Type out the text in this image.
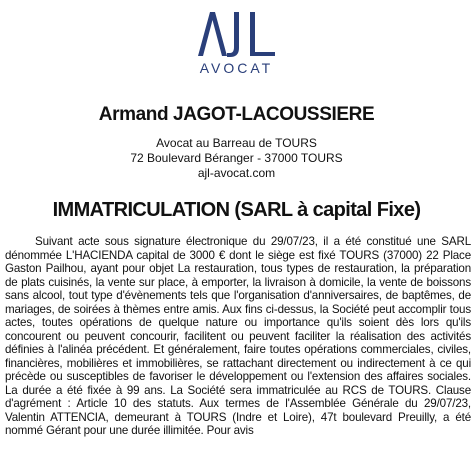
AVOCAT
Armand JAGOT-LACOUSSIERE
Avocat au Barreau de TOURS
72 Boulevard Béranger - 37000 TOURS
ajl-avocat.com
IMMATRICULATION (SARL à capital Fixe)
Suivant acte sous signature électronique du 29/07/23, il a été constitué une SARL dénommée L'HACIENDA capital de 3000 € dont le siège est fixé TOURS (37000) 22 Place Gaston Pailhou, ayant pour objet La restauration, tous types de restauration, la préparation de plats cuisinés, la vente sur place, à emporter, la livraison à domicile, la vente de boissons sans alcool, tout type d'évènements tels que l'organisation d'anniversaires, de baptêmes, de mariages, de soirées à thèmes entre amis. Aux fins ci-dessus, la Société peut accomplir tous actes, toutes opérations de quelque nature ou importance qu'ils soient dès lors qu'ils concourent ou peuvent concourir, facilitent ou peuvent faciliter la réalisation des activités définies à l'alinéa précédent. Et généralement, faire toutes opérations commerciales, civiles, financières, mobilières et immobilières, se rattachant directement ou indirectement à ce qui précède ou susceptibles de favoriser le développement ou l'extension des affaires sociales. La durée a été fixée à 99 ans. La Société sera immatriculée au RCS de TOURS. Clause d'agrément : Article 10 des statuts. Aux termes de l'Assemblée Générale du 29/07/23, Valentin ATTENCIA, demeurant à TOURS (Indre et Loire), 47t boulevard Preuilly, a été nommé Gérant pour une durée illimitée. Pour avis
